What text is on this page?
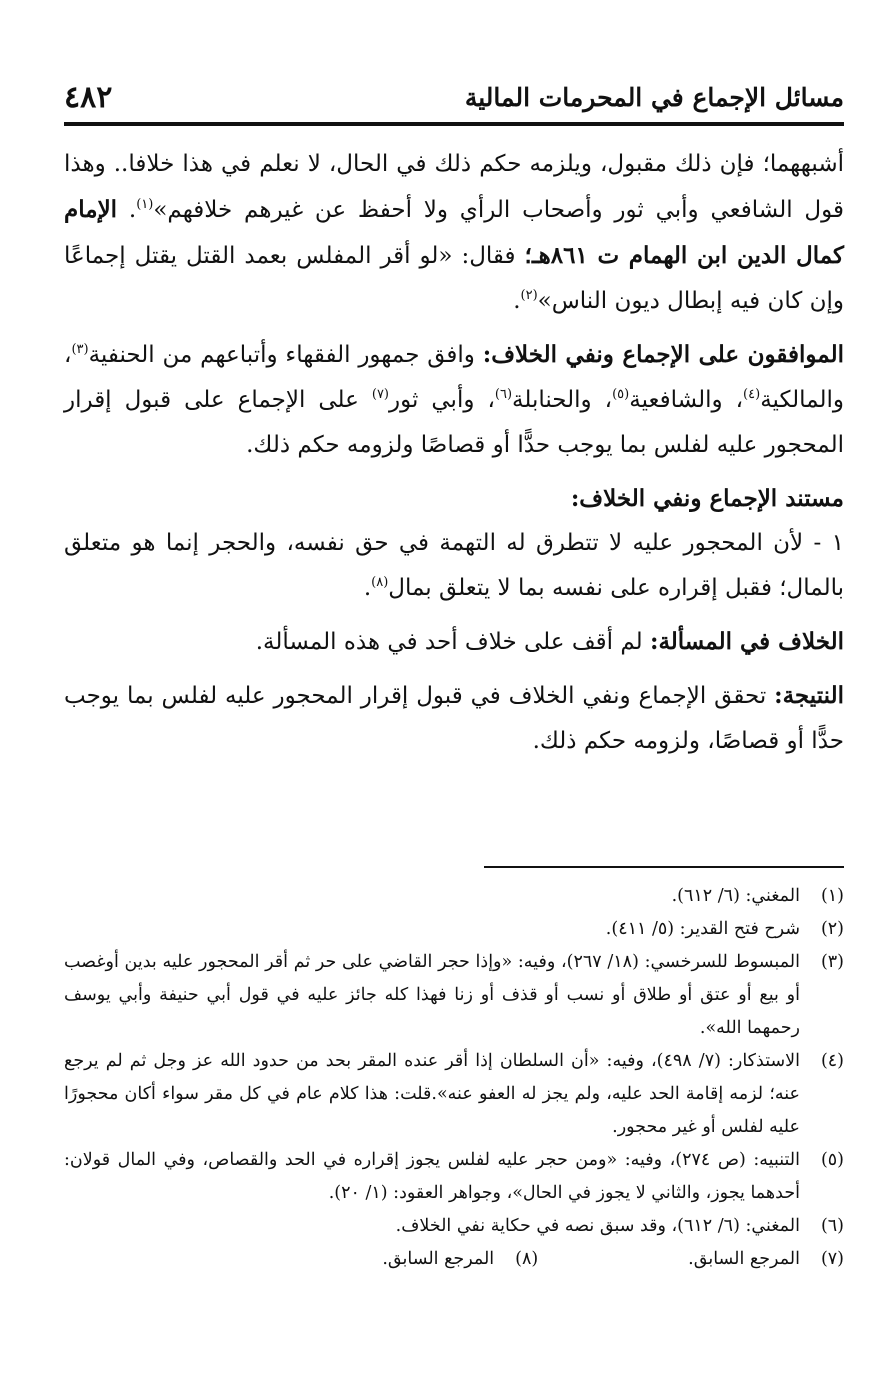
مسائل الإجماع في المحرمات المالية
٤٨٢

أشبههما؛ فإن ذلك مقبول، ويلزمه حكم ذلك في الحال، لا نعلم في هذا خلافا.. وهذا قول الشافعي وأبي ثور وأصحاب الرأي ولا أحفظ عن غيرهم خلافهم»$^{(١)}$. الإمام كمال الدين ابن الهمام ت ٨٦١هـ؛ فقال: «لو أقر المفلس بعمد القتل يقتل إجماعًا وإن كان فيه إبطال ديون الناس»$^{(٢)}$.

الموافقون على الإجماع ونفي الخلاف: وافق جمهور الفقهاء وأتباعهم من الحنفية$^{(٣)}$، والمالكية$^{(٤)}$، والشافعية$^{(٥)}$، والحنابلة$^{(٦)}$، وأبي ثور$^{(٧)}$ على الإجماع على قبول إقرار المحجور عليه لفلس بما يوجب حدًّا أو قصاصًا ولزومه حكم ذلك.

مستند الإجماع ونفي الخلاف:

١ - لأن المحجور عليه لا تتطرق له التهمة في حق نفسه، والحجر إنما هو متعلق بالمال؛ فقبل إقراره على نفسه بما لا يتعلق بمال$^{(٨)}$.

الخلاف في المسألة: لم أقف على خلاف أحد في هذه المسألة.

النتيجة: تحقق الإجماع ونفي الخلاف في قبول إقرار المحجور عليه لفلس بما يوجب حدًّا أو قصاصًا، ولزومه حكم ذلك.

(١)
المغني: (٦/ ٦١٢).
(٢)
شرح فتح القدير: (٥/ ٤١١).
(٣)
المبسوط للسرخسي: (١٨/ ٢٦٧)، وفيه: «وإذا حجر القاضي على حر ثم أقر المحجور عليه بدين أوغصب أو بيع أو عتق أو طلاق أو نسب أو قذف أو زنا فهذا كله جائز عليه في قول أبي حنيفة وأبي يوسف رحمهما الله».
(٤)
الاستذكار: (٧/ ٤٩٨)، وفيه: «أن السلطان إذا أقر عنده المقر بحد من حدود الله عز وجل ثم لم يرجع عنه؛ لزمه إقامة الحد عليه، ولم يجز له العفو عنه».قلت: هذا كلام عام في كل مقر سواء أكان محجورًا عليه لفلس أو غير محجور.
(٥)
التنبيه: (ص ٢٧٤)، وفيه: «ومن حجر عليه لفلس يجوز إقراره في الحد والقصاص، وفي المال قولان: أحدهما يجوز، والثاني لا يجوز في الحال»، وجواهر العقود: (١/ ٢٠).
(٦)
المغني: (٦/ ٦١٢)، وقد سبق نصه في حكاية نفي الخلاف.
(٧)
المرجع السابق.
(٨)
المرجع السابق.
